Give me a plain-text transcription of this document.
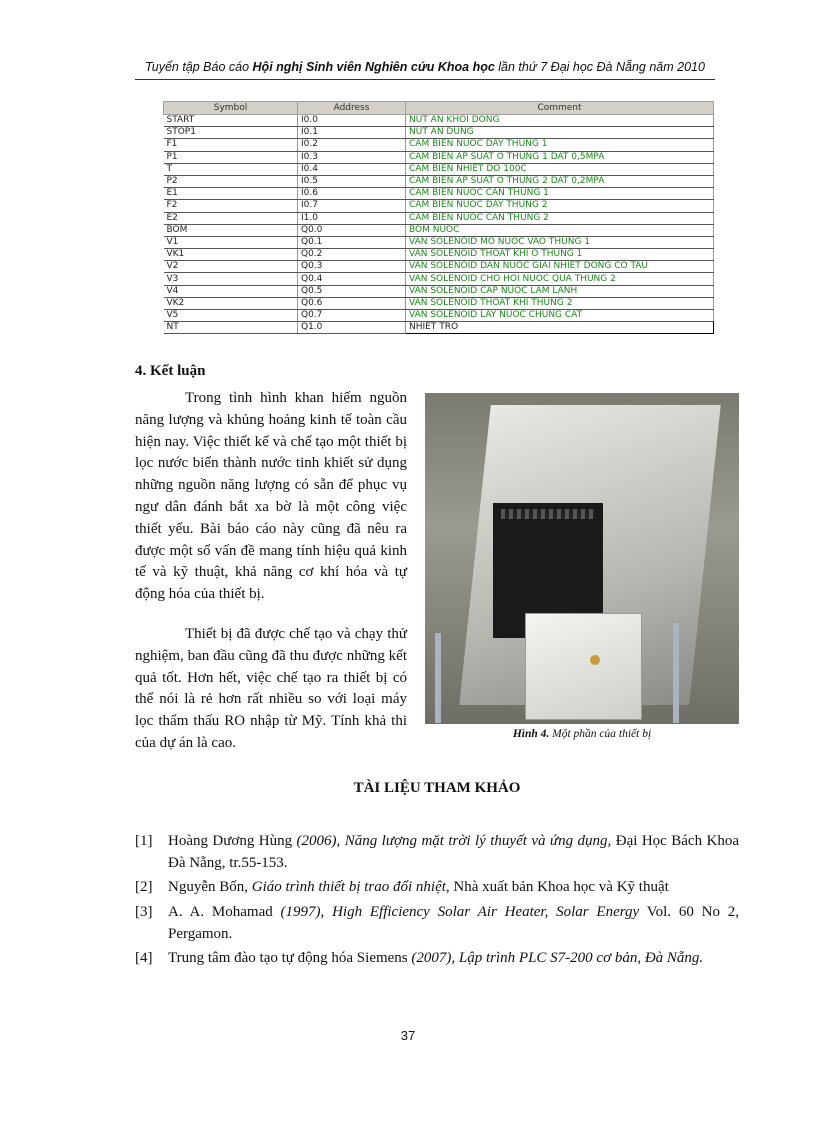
Tuyển tập Báo cáo Hội nghị Sinh viên Nghiên cứu Khoa học lần thứ 7 Đại học Đà Nẵng năm 2010
Symbol	Address	Comment
START	I0.0	NUT AN KHOI DONG
STOP1	I0.1	NUT AN DUNG
F1	I0.2	CAM BIEN NUOC DAY THUNG 1
P1	I0.3	CAM BIEN AP SUAT O THUNG 1 DAT 0,5MPA
T	I0.4	CAM BIEN NHIET DO 100C
P2	I0.5	CAM BIEN AP SUAT O THUNG 2 DAT 0,2MPA
E1	I0.6	CAM BIEN NUOC CAN THUNG 1
F2	I0.7	CAM BIEN NUOC DAY THUNG 2
E2	I1.0	CAM BIEN NUOC CAN THUNG 2
BOM	Q0.0	BOM NUOC
V1	Q0.1	VAN SOLENOID MO NUOC VAO THUNG 1
VK1	Q0.2	VAN SOLENOID THOAT KHI O THUNG 1
V2	Q0.3	VAN SOLENOID DAN NUOC GIAI NHIET DONG CO TAU
V3	Q0.4	VAN SOLENOID CHO HOI NUOC QUA THUNG 2
V4	Q0.5	VAN SOLENOID CAP NUOC LAM LANH
VK2	Q0.6	VAN SOLENOID THOAT KHI THUNG 2
V5	Q0.7	VAN SOLENOID LAY NUOC CHUNG CAT
NT	Q1.0	NHIET TRO
4. Kết luận

Trong tình hình khan hiếm nguồn năng lượng và khủng hoảng kinh tế toàn cầu hiện nay. Việc thiết kế và chế tạo một thiết bị lọc nước biển thành nước tinh khiết sử dụng những nguồn năng lượng có sẵn để phục vụ ngư dân đánh bắt xa bờ là một công việc thiết yếu. Bài báo cáo này cũng đã nêu ra được một số vấn đề mang tính hiệu quả kinh tế và kỹ thuật, khả năng cơ khí hóa và tự động hóa của thiết bị.

Thiết bị đã được chế tạo và chạy thử nghiệm, ban đầu cũng đã thu được những kết quả tốt. Hơn hết, việc chế tạo ra thiết bị có thể nói là rẻ hơn rất nhiều so với loại máy lọc thẩm thấu RO nhập từ Mỹ. Tính khả thi của dự án là cao.

Hình 4. Một phần của thiết bị
TÀI LIỆU THAM KHẢO
[1] Hoàng Dương Hùng (2006), Năng lượng mặt trời lý thuyết và ứng dụng, Đại Học Bách Khoa Đà Nẵng, tr.55-153.
[2] Nguyễn Bốn, Giáo trình thiết bị trao đổi nhiệt, Nhà xuất bản Khoa học và Kỹ thuật
[3] A. A. Mohamad (1997), High Efficiency Solar Air Heater, Solar Energy Vol. 60 No 2, Pergamon.
[4] Trung tâm đào tạo tự động hóa Siemens (2007), Lập trình PLC S7-200 cơ bản, Đà Nẵng.
37
